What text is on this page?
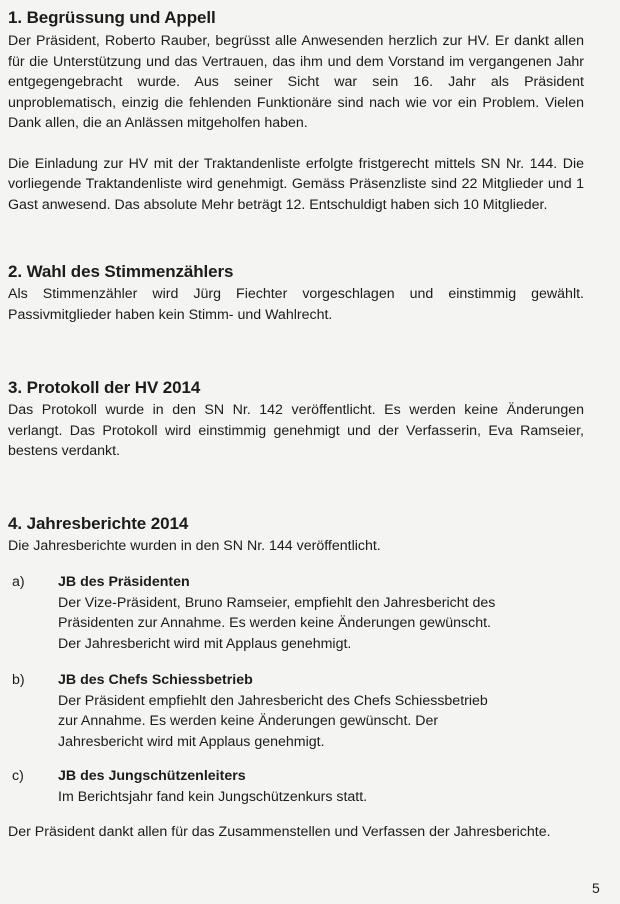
1. Begrüssung und Appell

Der Präsident, Roberto Rauber, begrüsst alle Anwesenden herzlich zur HV. Er dankt allen für die Unterstützung und das Vertrauen, das ihm und dem Vorstand im vergangenen Jahr entgegengebracht wurde. Aus seiner Sicht war sein 16. Jahr als Präsident unproblematisch, einzig die fehlenden Funktionäre sind nach wie vor ein Problem. Vielen Dank allen, die an Anlässen mitgeholfen haben.

Die Einladung zur HV mit der Traktandenliste erfolgte fristgerecht mittels SN Nr. 144. Die vorliegende Traktandenliste wird genehmigt. Gemäss Präsenzliste sind 22 Mitglieder und 1 Gast anwesend. Das absolute Mehr beträgt 12. Entschuldigt haben sich 10 Mitglieder.

2. Wahl des Stimmenzählers

Als Stimmenzähler wird Jürg Fiechter vorgeschlagen und einstimmig gewählt. Passivmitglieder haben kein Stimm- und Wahlrecht.

3. Protokoll der HV 2014

Das Protokoll wurde in den SN Nr. 142 veröffentlicht. Es werden keine Änderungen verlangt. Das Protokoll wird einstimmig genehmigt und der Verfasserin, Eva Ramseier, bestens verdankt.

4. Jahresberichte 2014

Die Jahresberichte wurden in den SN Nr. 144 veröffentlicht.

a) JB des Präsidenten
Der Vize-Präsident, Bruno Ramseier, empfiehlt den Jahresbericht des Präsidenten zur Annahme. Es werden keine Änderungen gewünscht. Der Jahresbericht wird mit Applaus genehmigt.
b) JB des Chefs Schiessbetrieb
Der Präsident empfiehlt den Jahresbericht des Chefs Schiessbetrieb zur Annahme. Es werden keine Änderungen gewünscht. Der Jahresbericht wird mit Applaus genehmigt.
c) JB des Jungschützenleiters
Im Berichtsjahr fand kein Jungschützenkurs statt.

Der Präsident dankt allen für das Zusammenstellen und Verfassen der Jahresberichte.

5
